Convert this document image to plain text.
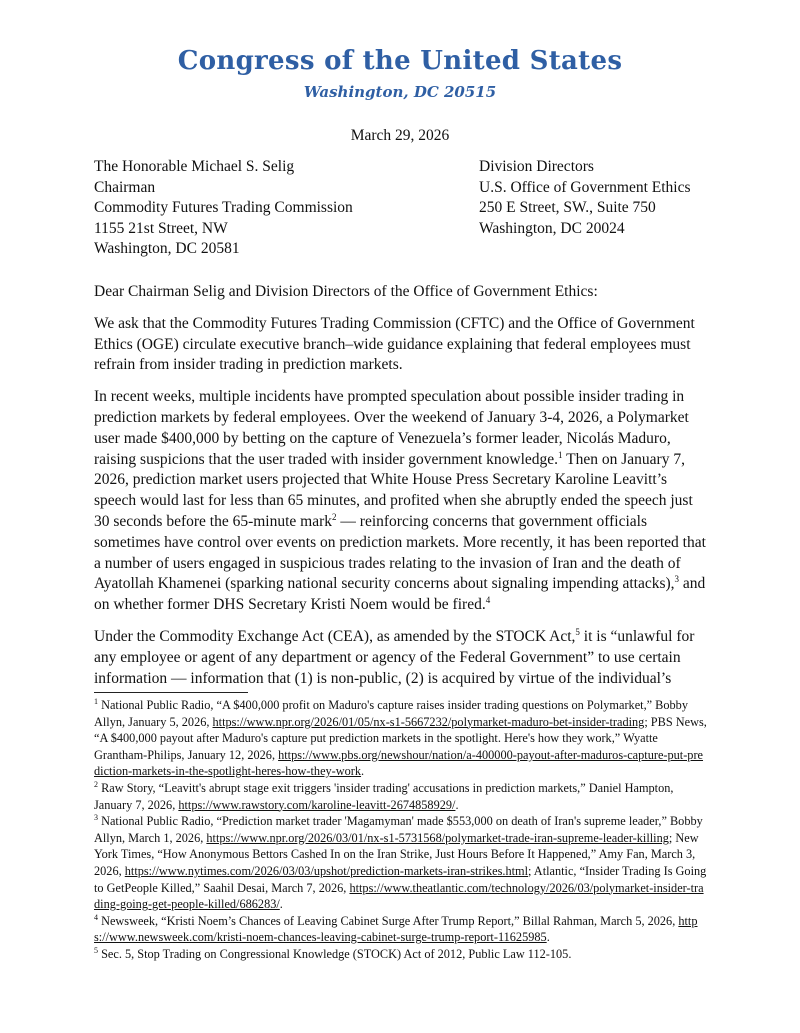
Congress of the United States
Washington, DC 20515
March 29, 2026
The Honorable Michael S. Selig
Chairman
Commodity Futures Trading Commission
1155 21st Street, NW
Washington, DC 20581
Division Directors
U.S. Office of Government Ethics
250 E Street, SW., Suite 750
Washington, DC 20024

Dear Chairman Selig and Division Directors of the Office of Government Ethics:

We ask that the Commodity Futures Trading Commission (CFTC) and the Office of Government Ethics (OGE) circulate executive branch–wide guidance explaining that federal employees must refrain from insider trading in prediction markets.

In recent weeks, multiple incidents have prompted speculation about possible insider trading in prediction markets by federal employees. Over the weekend of January 3-4, 2026, a Polymarket user made $400,000 by betting on the capture of Venezuela’s former leader, Nicolás Maduro, raising suspicions that the user traded with insider government knowledge.$^1$ Then on January 7, 2026, prediction market users projected that White House Press Secretary Karoline Leavitt’s speech would last for less than 65 minutes, and profited when she abruptly ended the speech just 30 seconds before the 65-minute mark$^2$ — reinforcing concerns that government officials sometimes have control over events on prediction markets. More recently, it has been reported that a number of users engaged in suspicious trades relating to the invasion of Iran and the death of Ayatollah Khamenei (sparking national security concerns about signaling impending attacks),$^3$ and on whether former DHS Secretary Kristi Noem would be fired.$^4$

Under the Commodity Exchange Act (CEA), as amended by the STOCK Act,$^5$ it is “unlawful for any employee or agent of any department or agency of the Federal Government” to use certain information — information that (1) is non-public, (2) is acquired by virtue of the individual’s

$^1$ National Public Radio, “A $400,000 profit on Maduro's capture raises insider trading questions on Polymarket,” Bobby Allyn, January 5, 2026, https://www.npr.org/2026/01/05/nx-s1-5667232/polymarket-maduro-bet-insider-trading; PBS News, “A $400,000 payout after Maduro's capture put prediction markets in the spotlight. Here's how they work,” Wyatte Grantham-Philips, January 12, 2026, https://www.pbs.org/newshour/nation/a-400000-payout-after-maduros-capture-put-prediction-markets-in-the-spotlight-heres-how-they-work.

$^2$ Raw Story, “Leavitt's abrupt stage exit triggers 'insider trading' accusations in prediction markets,” Daniel Hampton, January 7, 2026, https://www.rawstory.com/karoline-leavitt-2674858929/.

$^3$ National Public Radio, “Prediction market trader 'Magamyman' made $553,000 on death of Iran's supreme leader,” Bobby Allyn, March 1, 2026, https://www.npr.org/2026/03/01/nx-s1-5731568/polymarket-trade-iran-supreme-leader-killing; New York Times, “How Anonymous Bettors Cashed In on the Iran Strike, Just Hours Before It Happened,” Amy Fan, March 3, 2026, https://www.nytimes.com/2026/03/03/upshot/prediction-markets-iran-strikes.html; Atlantic, “Insider Trading Is Going to GetPeople Killed,” Saahil Desai, March 7, 2026, https://www.theatlantic.com/technology/2026/03/polymarket-insider-trading-going-get-people-killed/686283/.

$^4$ Newsweek, “Kristi Noem’s Chances of Leaving Cabinet Surge After Trump Report,” Billal Rahman, March 5, 2026, https://www.newsweek.com/kristi-noem-chances-leaving-cabinet-surge-trump-report-11625985.

$^5$ Sec. 5, Stop Trading on Congressional Knowledge (STOCK) Act of 2012, Public Law 112-105.
